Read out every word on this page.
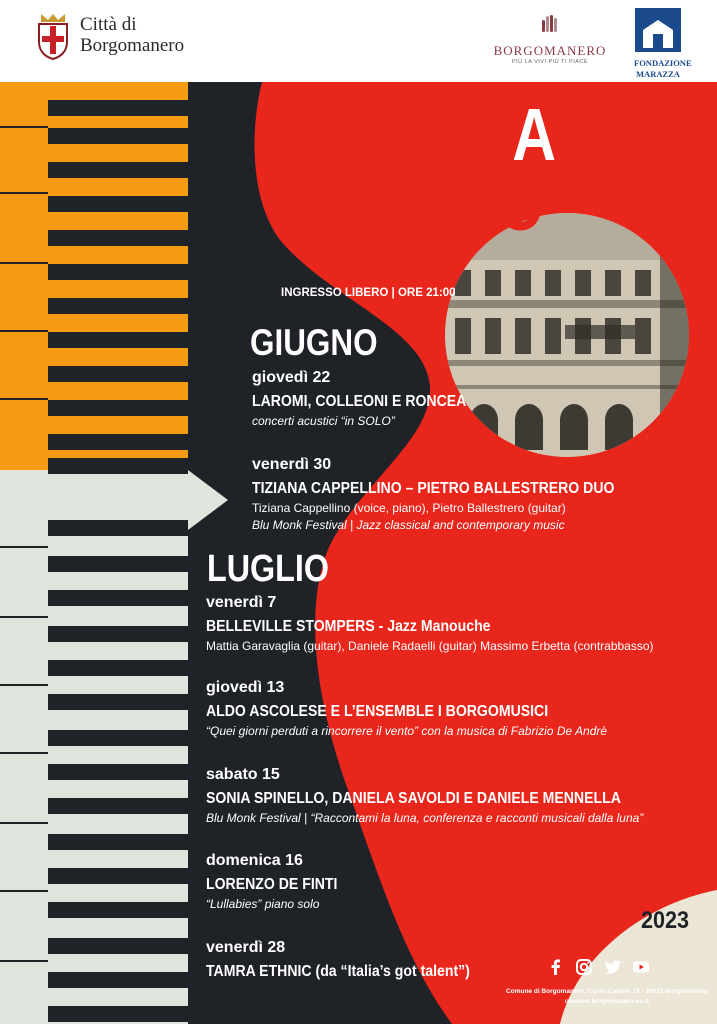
Città di
Borgomanero	BORGOMANERO
PIÙ LA VIVI PIÙ TI PIACE	FONDAZIONE
MARAZZA
MUSICA A
PALAZZO
INGRESSO LIBERO | ORE 21:00
GIUGNO
giovedì 22
LAROMI, COLLEONI E RONCEA
concerti acustici “in SOLO”
venerdì 30
TIZIANA CAPPELLINO – PIETRO BALLESTRERO DUO
Tiziana Cappellino (voice, piano), Pietro Ballestrero (guitar)
Blu Monk Festival | Jazz classical and contemporary music
LUGLIO
venerdì 7
BELLEVILLE STOMPERS - Jazz Manouche
Mattia Garavaglia (guitar), Daniele Radaelli (guitar) Massimo Erbetta (contrabbasso)
giovedì 13
ALDO ASCOLESE E L’ENSEMBLE I BORGOMUSICI
“Quei giorni perduti a rincorrere il vento” con la musica di Fabrizio De Andrè
sabato 15
SONIA SPINELLO, DANIELA SAVOLDI E DANIELE MENNELLA
Blu Monk Festival | “Raccontami la luna, conferenza e racconti musicali dalla luna”
domenica 16
LORENZO DE FINTI
“Lullabies” piano solo
venerdì 28
TAMRA ETHNIC (da “Italia’s got talent”)
2023

Comune di Borgomanero, Corso Cavour 16 - 28021 Borgomanero
comune.borgomanero.no.it
